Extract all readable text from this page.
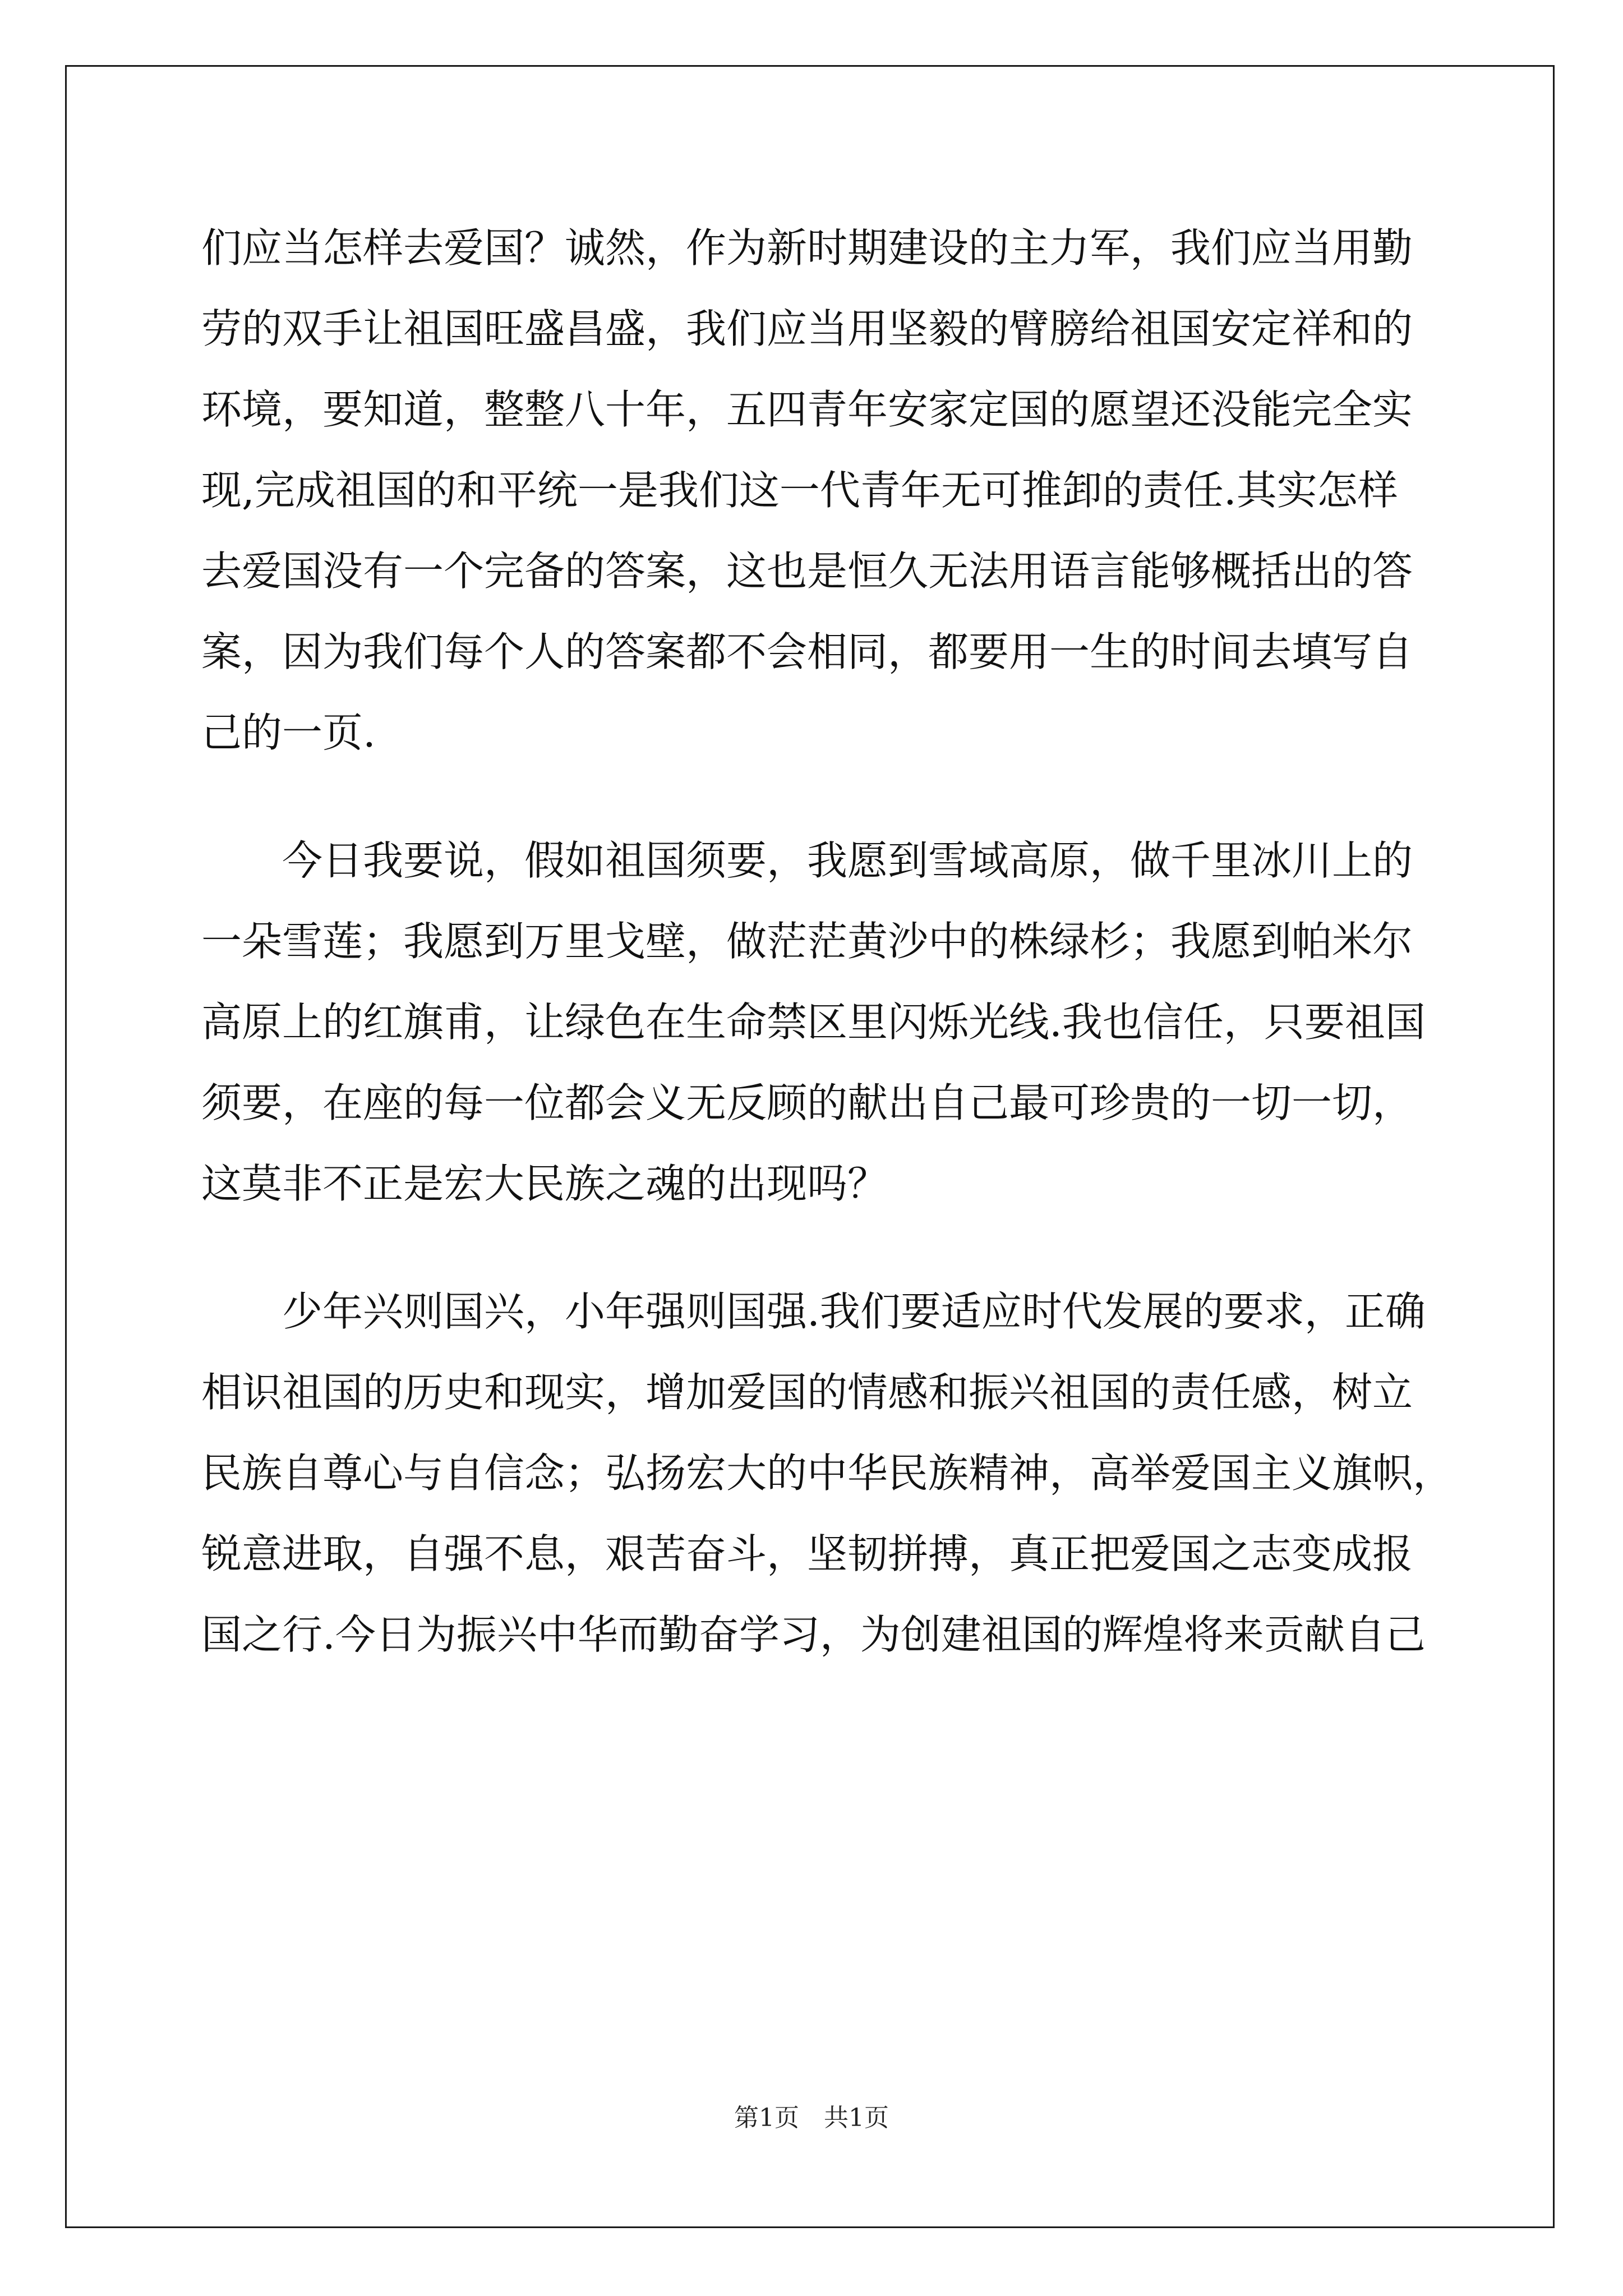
们应当怎样去爱国？诚然，作为新时期建设的主力军，我们应当用勤
劳的双手让祖国旺盛昌盛，我们应当用坚毅的臂膀给祖国安定祥和的
环境，要知道，整整八十年，五四青年安家定国的愿望还没能完全实
现,完成祖国的和平统一是我们这一代青年无可推卸的责任.其实怎样
去爱国没有一个完备的答案，这也是恒久无法用语言能够概括出的答
案，因为我们每个人的答案都不会相同，都要用一生的时间去填写自
己的一页.
今日我要说，假如祖国须要，我愿到雪域高原，做千里冰川上的
一朵雪莲；我愿到万里戈壁，做茫茫黄沙中的株绿杉；我愿到帕米尔
高原上的红旗甫，让绿色在生命禁区里闪烁光线.我也信任，只要祖国
须要，在座的每一位都会义无反顾的献出自己最可珍贵的一切一切，
这莫非不正是宏大民族之魂的出现吗？
少年兴则国兴，小年强则国强.我们要适应时代发展的要求，正确
相识祖国的历史和现实，增加爱国的情感和振兴祖国的责任感，树立
民族自尊心与自信念；弘扬宏大的中华民族精神，高举爱国主义旗帜，
锐意进取，自强不息，艰苦奋斗，坚韧拼搏，真正把爱国之志变成报
国之行.今日为振兴中华而勤奋学习，为创建祖国的辉煌将来贡献自己
第1页　共1页
